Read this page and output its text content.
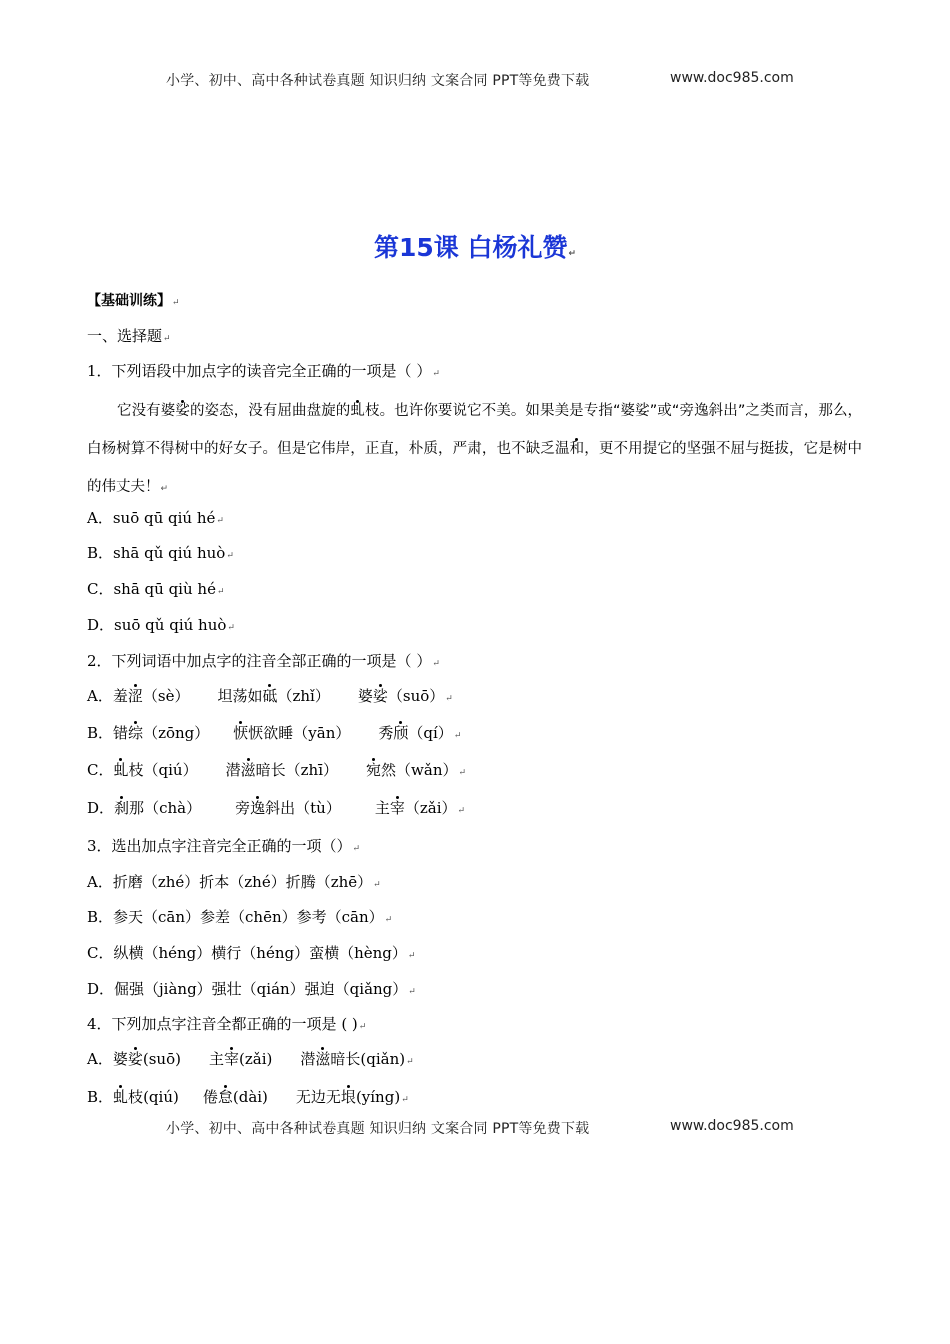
小学、初中、高中各种试卷真题 知识归纳 文案合同 PPT等免费下载	www.doc985.com
第15课 白杨礼赞↵
【基础训练】↵
一、选择题↵
1．下列语段中加点字的读音完全正确的一项是（ ）↵
它没有婆娑的姿态，没有屈曲盘旋的虬枝。也许你要说它不美。如果美是专指“婆娑”或“旁逸斜出”之类而言，那么，白杨树算不得树中的好女子。但是它伟岸，正直，朴质，严肃，也不缺乏温和，更不用提它的坚强不屈与挺拔，它是树中的伟丈夫！↵
A．suō qū qiú hé↵
B．shā qǔ qiú huò↵
C．shā qū qiù hé↵
D．suō qǔ qiú huò↵
2．下列词语中加点字的注音全部正确的一项是（ ）↵
A．羞涩（sè） 坦荡如砥（zhǐ） 婆娑（suō）↵
B．错综（zōng） 恹恹欲睡（yān） 秀颀（qí）↵
C．虬枝（qiú） 潜滋暗长（zhī） 宛然（wǎn）↵
D．刹那（chà） 旁逸斜出（tù） 主宰（zǎi）↵
3．选出加点字注音完全正确的一项（）↵
A．折磨（zhé）折本（zhé）折腾（zhē）↵
B．参天（cān）参差（chēn）参考（cān）↵
C．纵横（héng）横行（héng）蛮横（hèng）↵
D．倔强（jiàng）强壮（qián）强迫（qiǎng）↵
4．下列加点字注音全都正确的一项是 ( )↵
A．婆娑(suō) 主宰(zǎi) 潜滋暗长(qiǎn)↵
B．虬枝(qiú) 倦怠(dài) 无边无垠(yíng)↵
小学、初中、高中各种试卷真题 知识归纳 文案合同 PPT等免费下载	www.doc985.com
